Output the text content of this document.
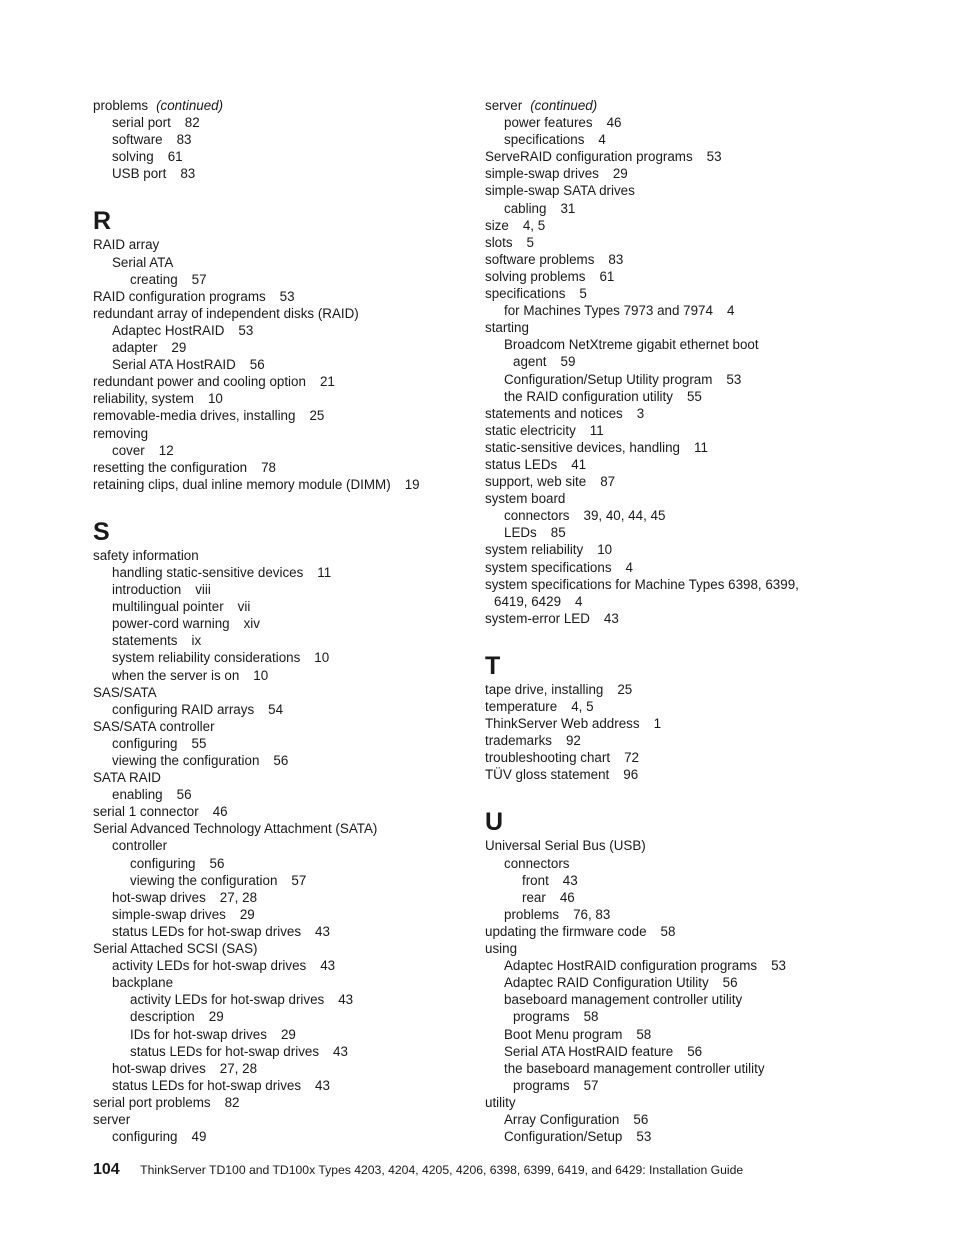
problems (continued)
serial port 82
software 83
solving 61
USB port 83
R
RAID array
Serial ATA
creating 57
RAID configuration programs 53
redundant array of independent disks (RAID)
Adaptec HostRAID 53
adapter 29
Serial ATA HostRAID 56
redundant power and cooling option 21
reliability, system 10
removable-media drives, installing 25
removing
cover 12
resetting the configuration 78
retaining clips, dual inline memory module (DIMM) 19
S
safety information
handling static-sensitive devices 11
introduction viii
multilingual pointer vii
power-cord warning xiv
statements ix
system reliability considerations 10
when the server is on 10
SAS/SATA
configuring RAID arrays 54
SAS/SATA controller
configuring 55
viewing the configuration 56
SATA RAID
enabling 56
serial 1 connector 46
Serial Advanced Technology Attachment (SATA)
controller
configuring 56
viewing the configuration 57
hot-swap drives 27, 28
simple-swap drives 29
status LEDs for hot-swap drives 43
Serial Attached SCSI (SAS)
activity LEDs for hot-swap drives 43
backplane
activity LEDs for hot-swap drives 43
description 29
IDs for hot-swap drives 29
status LEDs for hot-swap drives 43
hot-swap drives 27, 28
status LEDs for hot-swap drives 43
serial port problems 82
server
configuring 49
server (continued)
power features 46
specifications 4
ServeRAID configuration programs 53
simple-swap drives 29
simple-swap SATA drives
cabling 31
size 4, 5
slots 5
software problems 83
solving problems 61
specifications 5
for Machines Types 7973 and 7974 4
starting
Broadcom NetXtreme gigabit ethernet boot
agent 59
Configuration/Setup Utility program 53
the RAID configuration utility 55
statements and notices 3
static electricity 11
static-sensitive devices, handling 11
status LEDs 41
support, web site 87
system board
connectors 39, 40, 44, 45
LEDs 85
system reliability 10
system specifications 4
system specifications for Machine Types 6398, 6399,
6419, 6429 4
system-error LED 43
T
tape drive, installing 25
temperature 4, 5
ThinkServer Web address 1
trademarks 92
troubleshooting chart 72
TÜV gloss statement 96
U
Universal Serial Bus (USB)
connectors
front 43
rear 46
problems 76, 83
updating the firmware code 58
using
Adaptec HostRAID configuration programs 53
Adaptec RAID Configuration Utility 56
baseboard management controller utility
programs 58
Boot Menu program 58
Serial ATA HostRAID feature 56
the baseboard management controller utility
programs 57
utility
Array Configuration 56
Configuration/Setup 53
104 ThinkServer TD100 and TD100x Types 4203, 4204, 4205, 4206, 6398, 6399, 6419, and 6429: Installation Guide
